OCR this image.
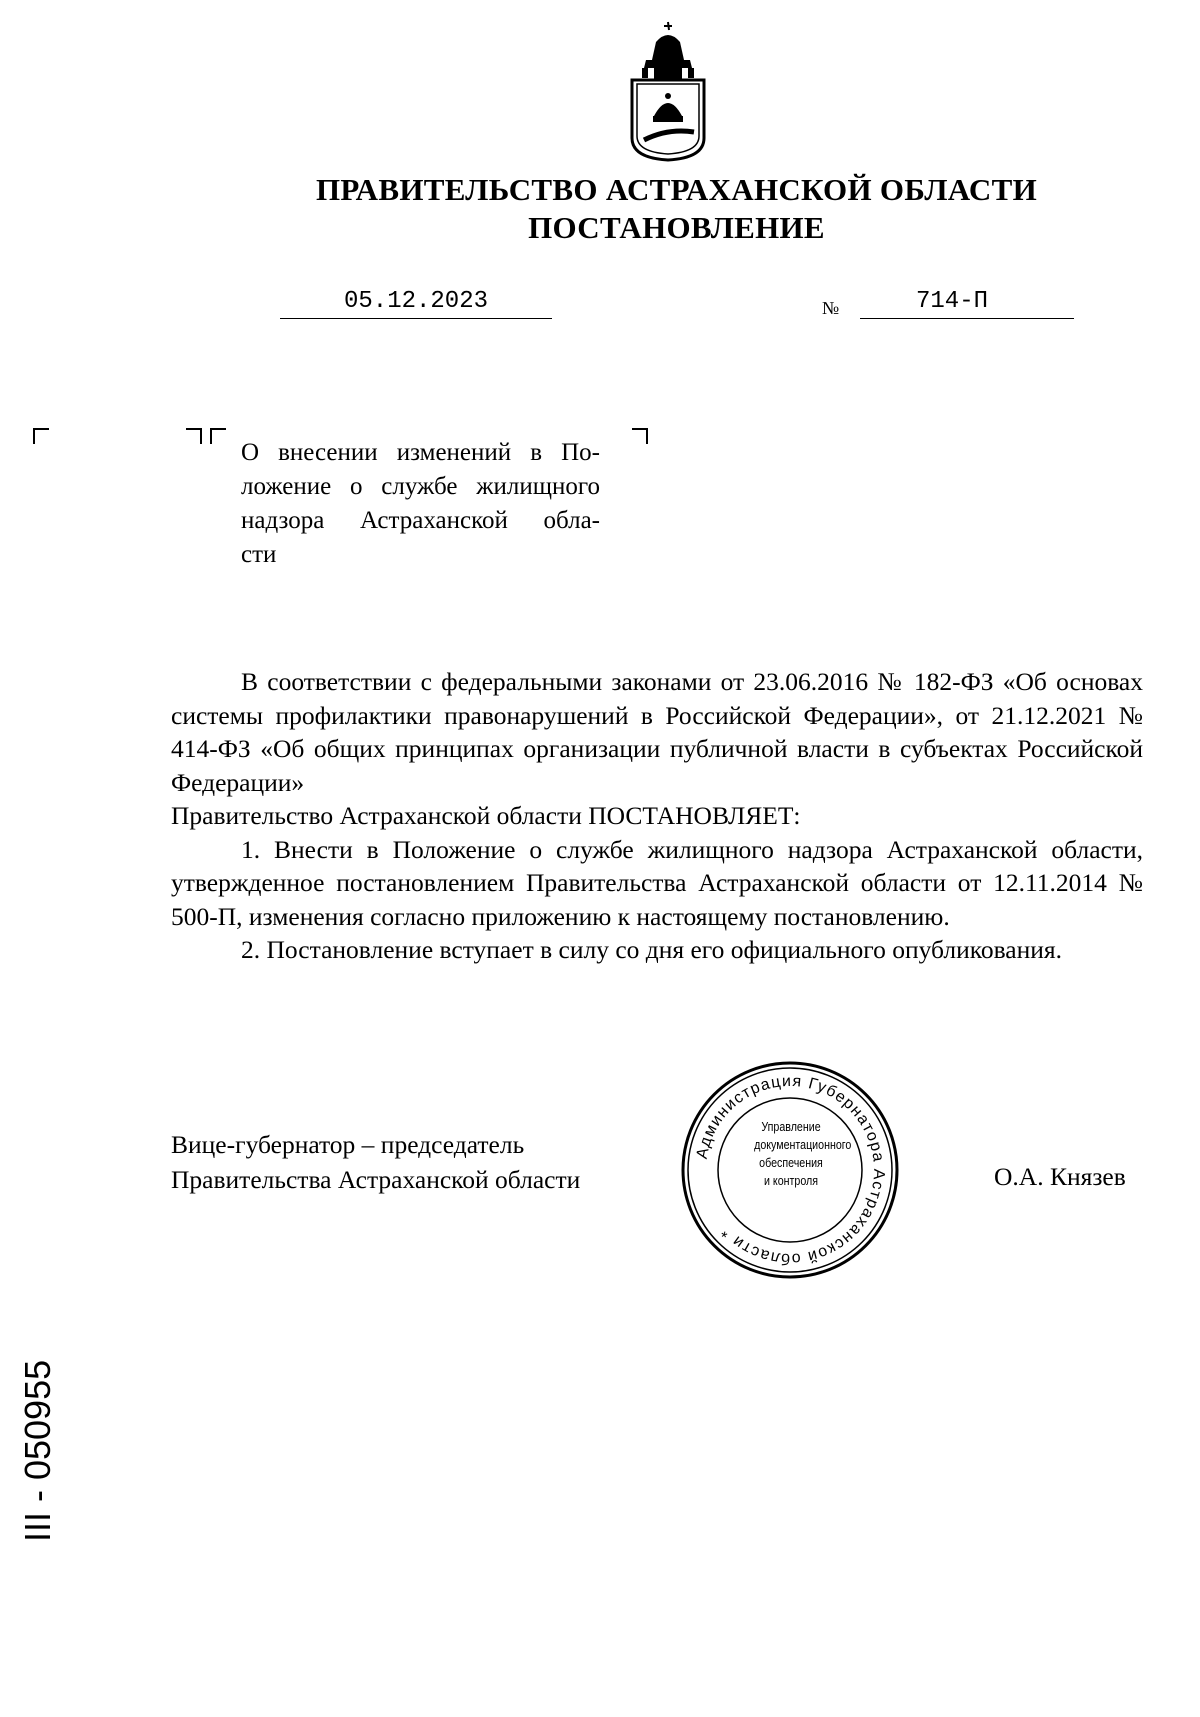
ПРАВИТЕЛЬСТВО АСТРАХАНСКОЙ ОБЛАСТИ
ПОСТАНОВЛЕНИЕ
05.12.2023	№	714-П
О внесении изменений в По-
ложение о службе жилищного
надзора Астраханской обла-
сти

В соответствии с федеральными законами от 23.06.2016 № 182-ФЗ «Об основах системы профилактики правонарушений в Российской Федерации», от 21.12.2021 № 414-ФЗ «Об общих принципах организации публичной власти в субъектах Российской Федерации»

Правительство Астраханской области ПОСТАНОВЛЯЕТ:

1. Внести в Положение о службе жилищного надзора Астраханской области, утвержденное постановлением Правительства Астраханской области от 12.11.2014 № 500-П, изменения согласно приложению к настоящему постановлению.

2. Постановление вступает в силу со дня его официального опубликования.

Вице-губернатор – председатель
Правительства Астраханской области	О.А. Князев
Администрация Губернатора Астраханской области *
Управление
документационного
обеспечения
и контроля
ІІІ - 050955
